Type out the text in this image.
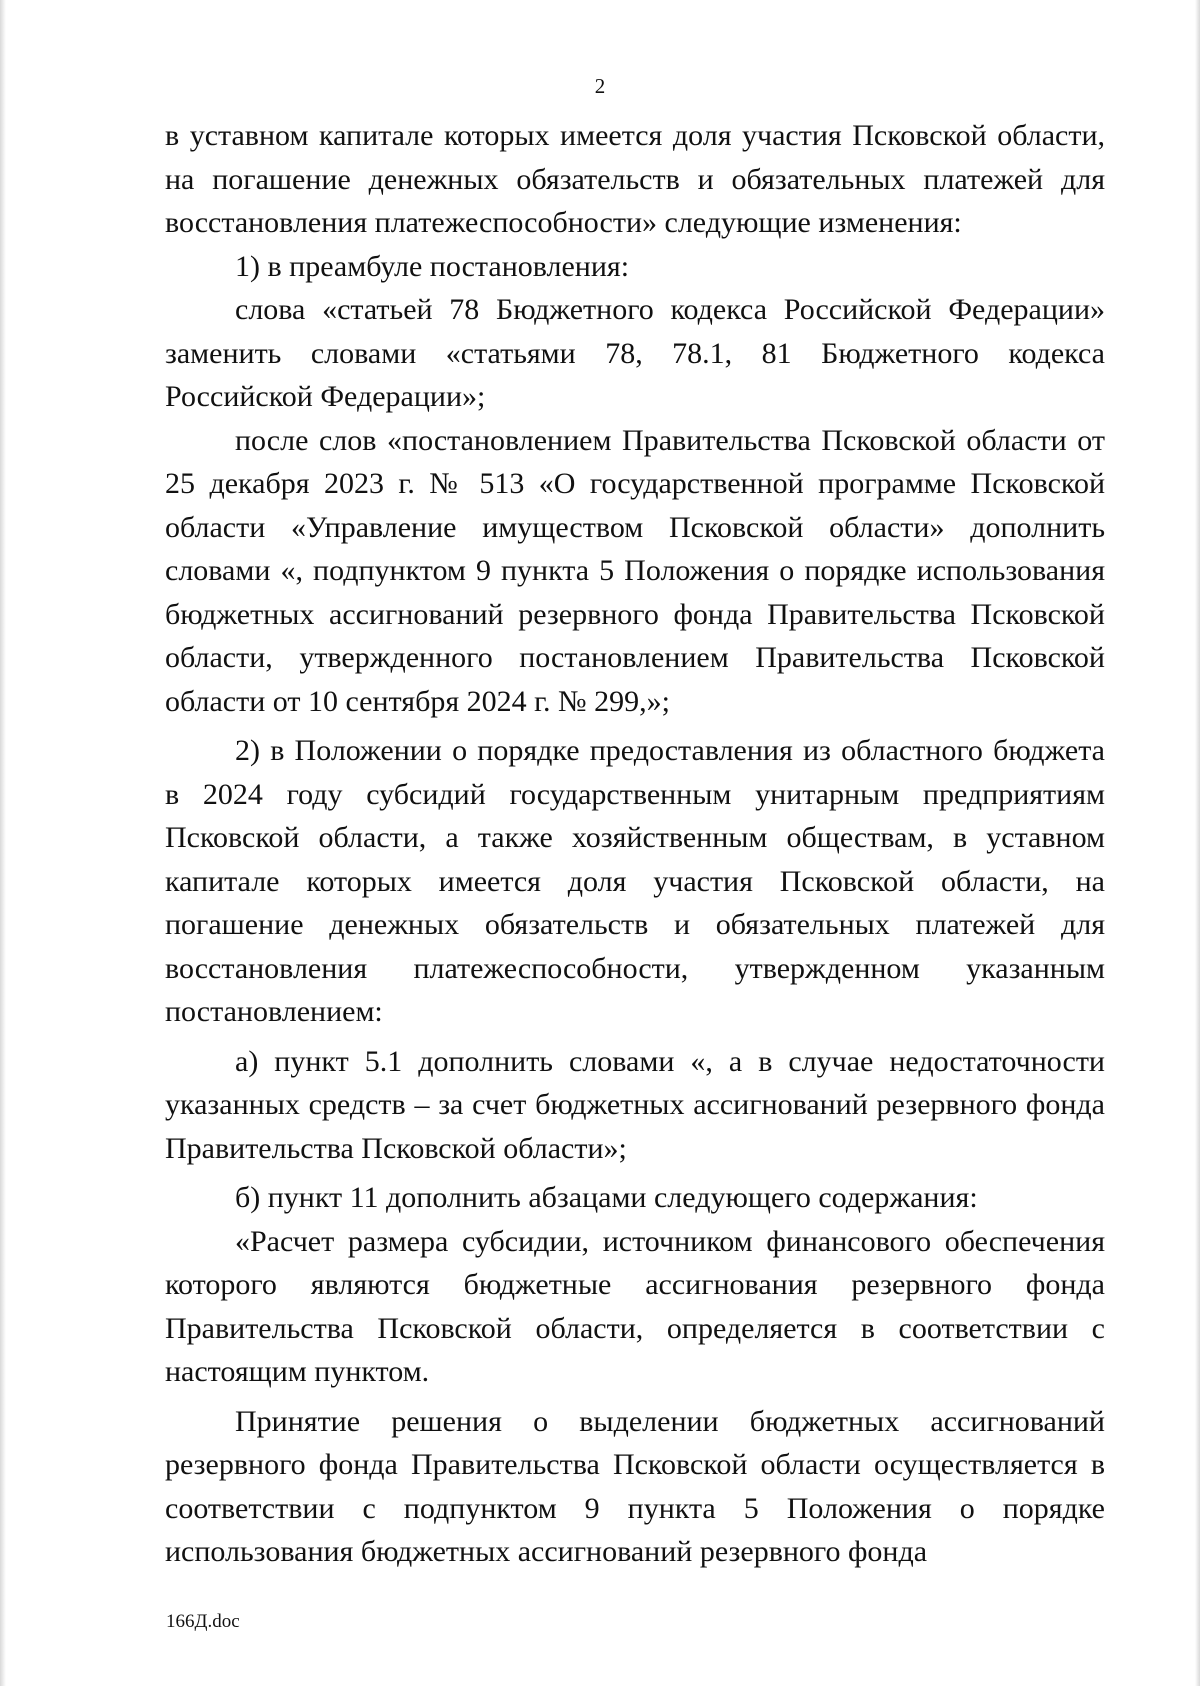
2

в уставном капитале которых имеется доля участия Псковской области, на погашение денежных обязательств и обязательных платежей для восстановления платежеспособности» следующие изменения:

1) в преамбуле постановления:

слова «статьей 78 Бюджетного кодекса Российской Федерации» заменить словами «статьями 78, 78.1, 81 Бюджетного кодекса Российской Федерации»;

после слов «постановлением Правительства Псковской области от 25 декабря 2023 г. № 513 «О государственной программе Псковской области «Управление имуществом Псковской области» дополнить словами «, подпунктом 9 пункта 5 Положения о порядке использования бюджетных ассигнований резервного фонда Правительства Псковской области, утвержденного постановлением Правительства Псковской области от 10 сентября 2024 г. № 299,»;

2) в Положении о порядке предоставления из областного бюджета в 2024 году субсидий государственным унитарным предприятиям Псковской области, а также хозяйственным обществам, в уставном капитале которых имеется доля участия Псковской области, на погашение денежных обязательств и обязательных платежей для восстановления платежеспособности, утвержденном указанным постановлением:

а) пункт 5.1 дополнить словами «, а в случае недостаточности указанных средств – за счет бюджетных ассигнований резервного фонда Правительства Псковской области»;

б) пункт 11 дополнить абзацами следующего содержания:

«Расчет размера субсидии, источником финансового обеспечения которого являются бюджетные ассигнования резервного фонда Правительства Псковской области, определяется в соответствии с настоящим пунктом.

Принятие решения о выделении бюджетных ассигнований резервного фонда Правительства Псковской области осуществляется в соответствии с подпунктом 9 пункта 5 Положения о порядке использования бюджетных ассигнований резервного фонда

166Д.doc
